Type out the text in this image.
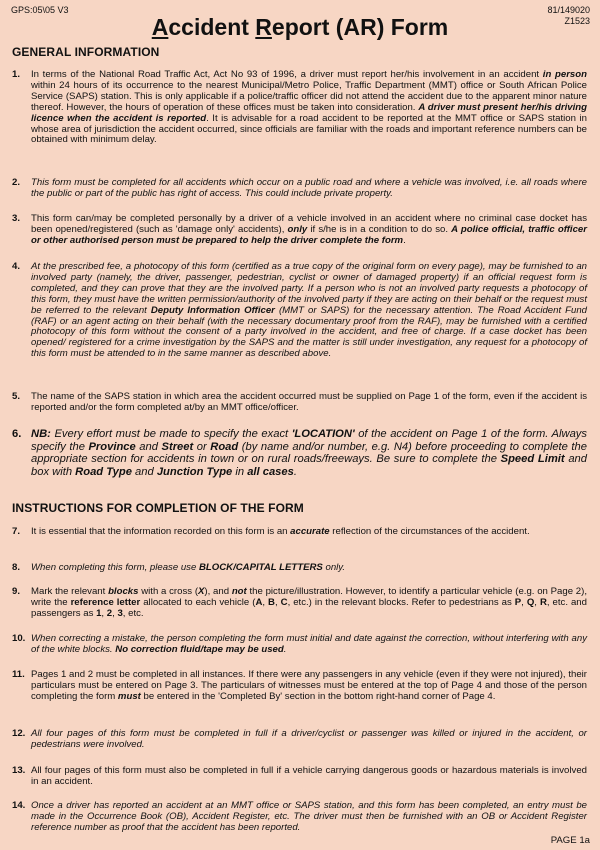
GPS:05\05 V3	81/149020
Z1523
Accident Report (AR) Form
GENERAL INFORMATION
1. In terms of the National Road Traffic Act, Act No 93 of 1996, a driver must report her/his involvement in an accident in person within 24 hours of its occurrence to the nearest Municipal/Metro Police, Traffic Department (MMT) office or South African Police Service (SAPS) station. This is only applicable if a police/traffic officer did not attend the accident due to the apparent minor nature thereof. However, the hours of operation of these offices must be taken into consideration. A driver must present her/his driving licence when the accident is reported. It is advisable for a road accident to be reported at the MMT office or SAPS station in whose area of jurisdiction the accident occurred, since officials are familiar with the roads and important reference numbers can be obtained with minimum delay.
2. This form must be completed for all accidents which occur on a public road and where a vehicle was involved, i.e. all roads where the public or part of the public has right of access. This could include private property.
3. This form can/may be completed personally by a driver of a vehicle involved in an accident where no criminal case docket has been opened/registered (such as 'damage only' accidents), only if s/he is in a condition to do so. A police official, traffic officer or other authorised person must be prepared to help the driver complete the form.
4. At the prescribed fee, a photocopy of this form (certified as a true copy of the original form on every page), may be furnished to an involved party (namely, the driver, passenger, pedestrian, cyclist or owner of damaged property) if an official request form is completed, and they can prove that they are the involved party. If a person who is not an involved party requests a photocopy of this form, they must have the written permission/authority of the involved party if they are acting on their behalf or the request must be referred to the relevant Deputy Information Officer (MMT or SAPS) for the necessary attention. The Road Accident Fund (RAF) or an agent acting on their behalf (with the necessary documentary proof from the RAF), may be furnished with a certified photocopy of this form without the consent of a party involved in the accident, and free of charge. If a case docket has been opened/ registered for a crime investigation by the SAPS and the matter is still under investigation, any request for a photocopy of this form must be attended to in the same manner as described above.
5. The name of the SAPS station in which area the accident occurred must be supplied on Page 1 of the form, even if the accident is reported and/or the form completed at/by an MMT office/officer.
6. NB: Every effort must be made to specify the exact 'LOCATION' of the accident on Page 1 of the form. Always specify the Province and Street or Road (by name and/or number, e.g. N4) before proceeding to complete the appropriate section for accidents in town or on rural roads/freeways. Be sure to complete the Speed Limit and box with Road Type and Junction Type in all cases.
INSTRUCTIONS FOR COMPLETION OF THE FORM
7. It is essential that the information recorded on this form is an accurate reflection of the circumstances of the accident.
8. When completing this form, please use BLOCK/CAPITAL LETTERS only.
9. Mark the relevant blocks with a cross (X), and not the picture/illustration. However, to identify a particular vehicle (e.g. on Page 2), write the reference letter allocated to each vehicle (A, B, C, etc.) in the relevant blocks. Refer to pedestrians as P, Q, R, etc. and passengers as 1, 2, 3, etc.
10. When correcting a mistake, the person completing the form must initial and date against the correction, without interfering with any of the white blocks. No correction fluid/tape may be used.
11. Pages 1 and 2 must be completed in all instances. If there were any passengers in any vehicle (even if they were not injured), their particulars must be entered on Page 3. The particulars of witnesses must be entered at the top of Page 4 and those of the person completing the form must be entered in the 'Completed By' section in the bottom right-hand corner of Page 4.
12. All four pages of this form must be completed in full if a driver/cyclist or passenger was killed or injured in the accident, or pedestrians were involved.
13. All four pages of this form must also be completed in full if a vehicle carrying dangerous goods or hazardous materials is involved in an accident.
14. Once a driver has reported an accident at an MMT office or SAPS station, and this form has been completed, an entry must be made in the Occurrence Book (OB), Accident Register, etc. The driver must then be furnished with an OB or Accident Register reference number as proof that the accident has been reported.
PAGE 1a
